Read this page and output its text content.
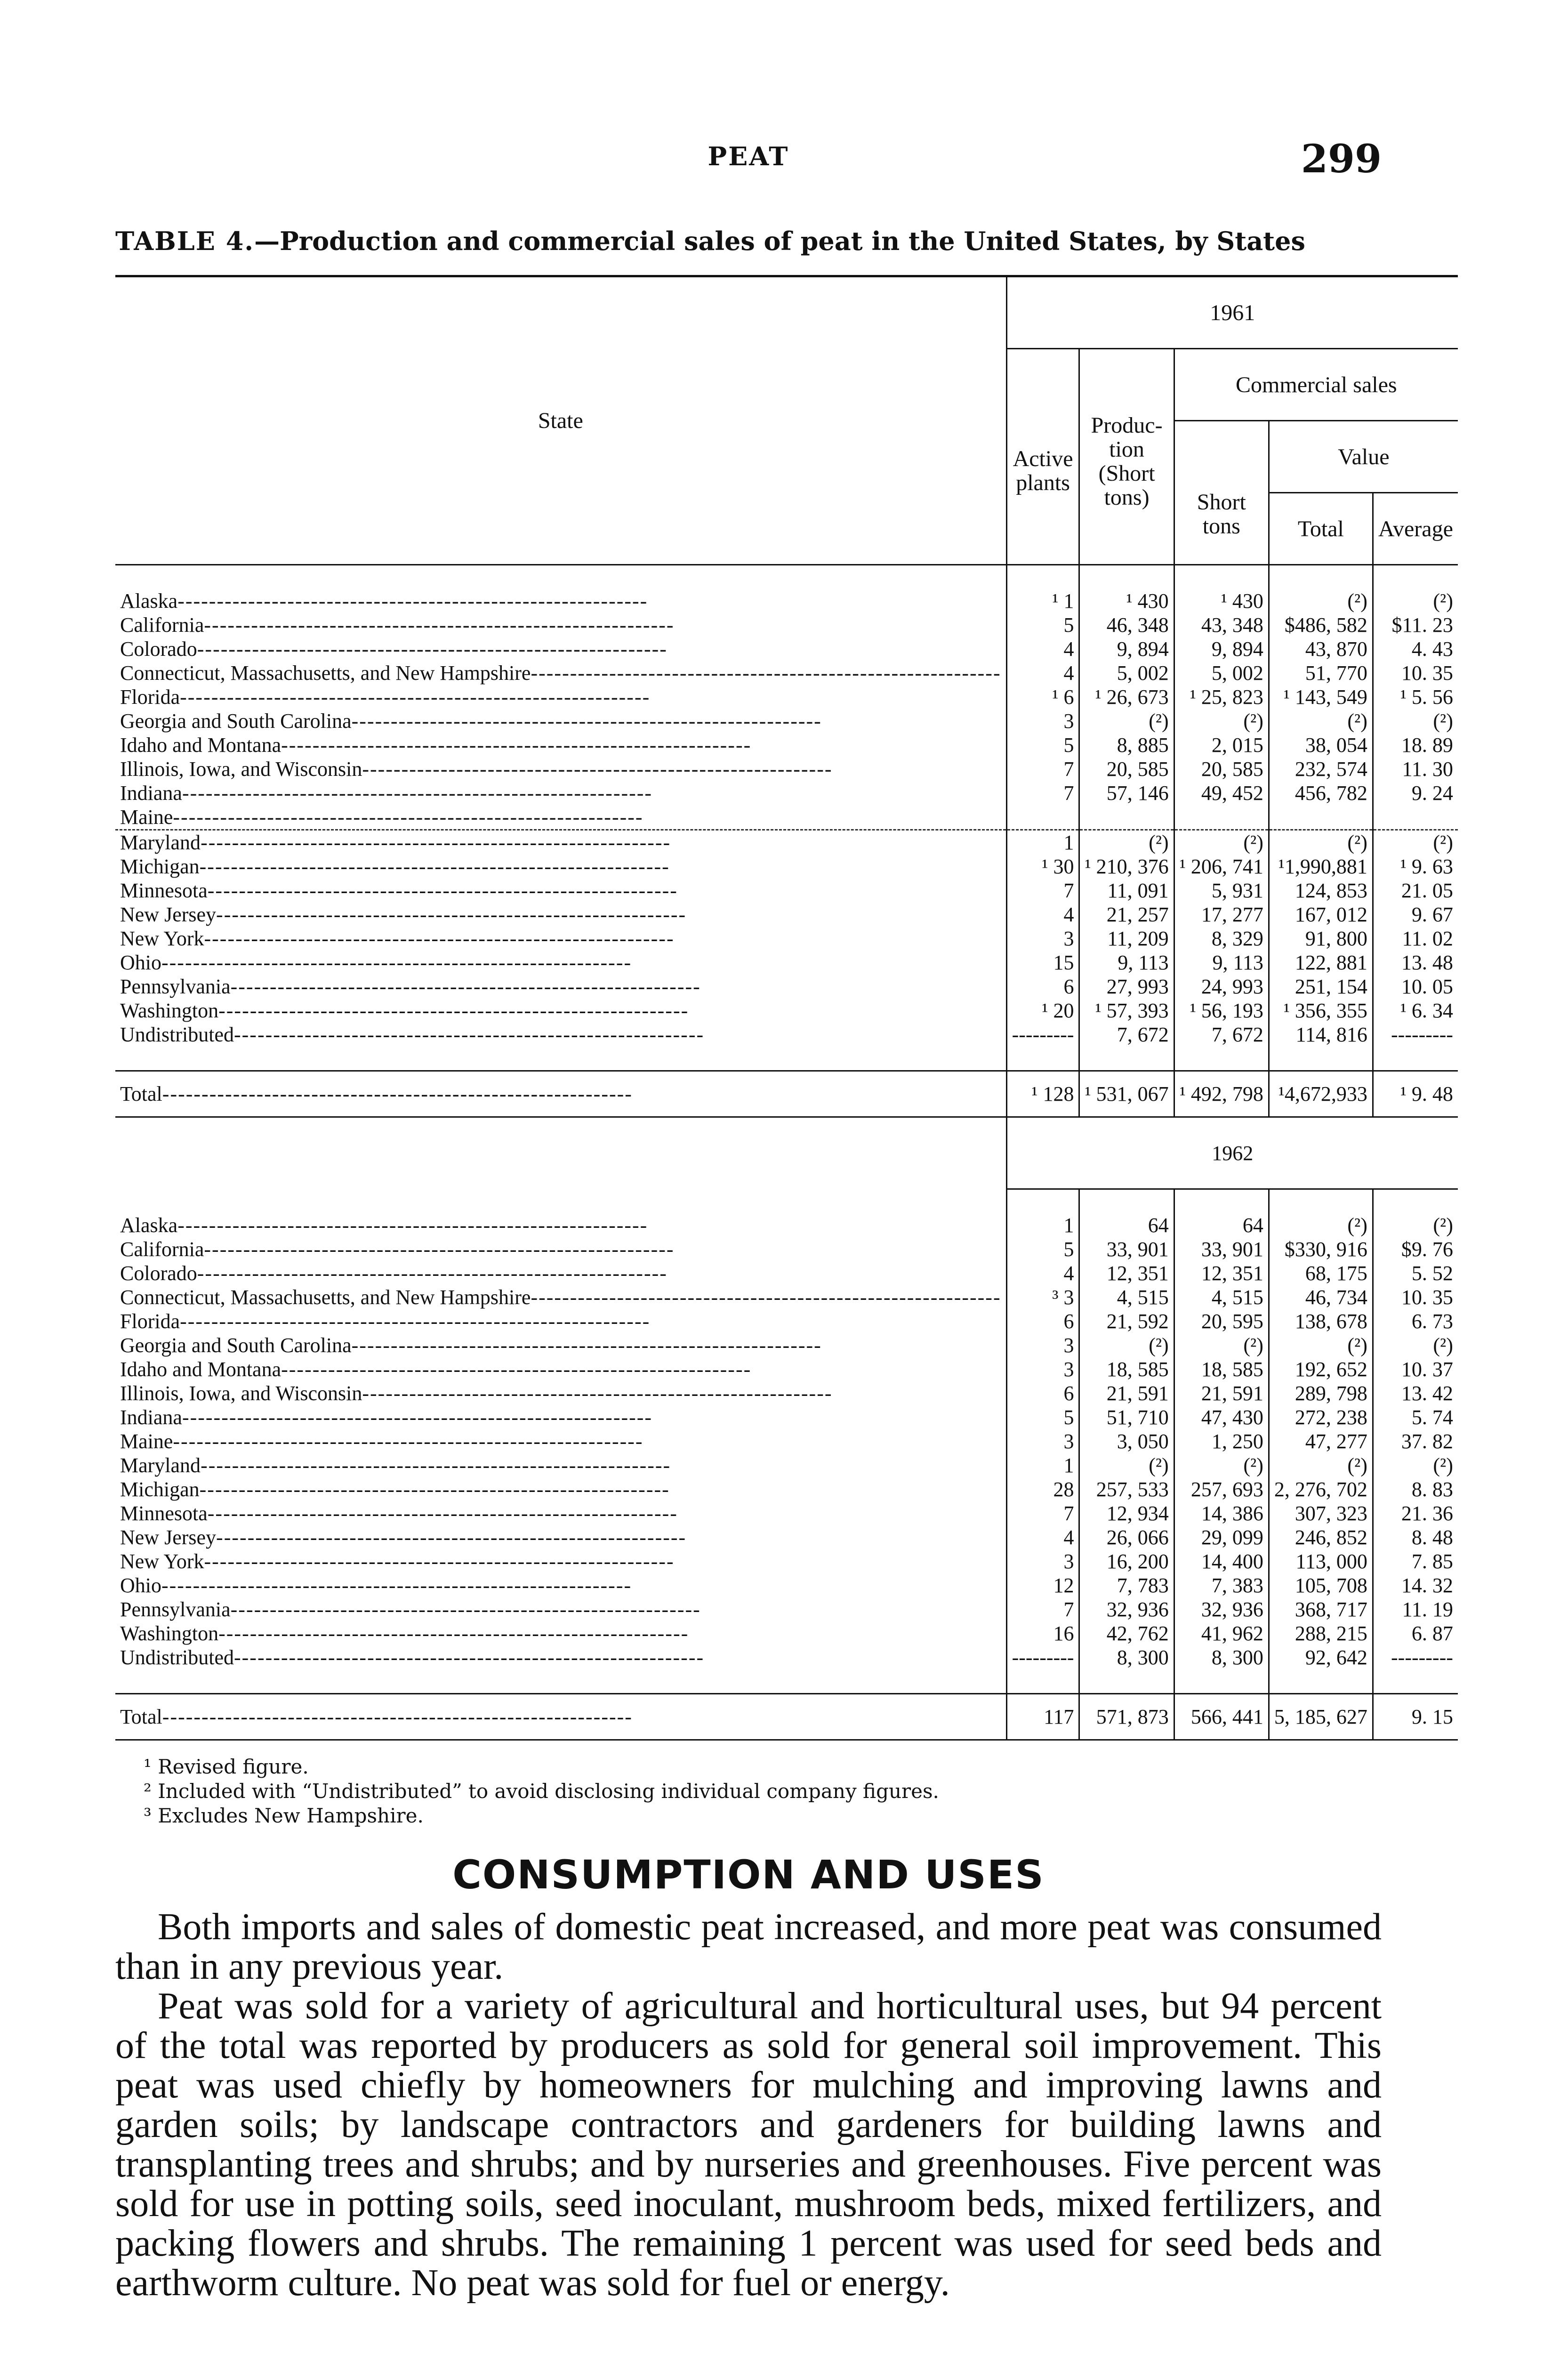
PEAT	299
TABLE 4.—Production and commercial sales of peat in the United States, by States
State	1961				
	Active plants	Produc- tion (Short tons)	Commercial sales		
			Short tons	Value	
				Total	Average

Alaska------------------------------------------------------------	¹ 1	¹ 430	¹ 430	(²)	(²)
California------------------------------------------------------------	5	46, 348	43, 348	$486, 582	$11. 23
Colorado------------------------------------------------------------	4	9, 894	9, 894	43, 870	4. 43
Connecticut, Massachusetts, and New Hampshire------------------------------------------------------------	4	5, 002	5, 002	51, 770	10. 35
Florida------------------------------------------------------------	¹ 6	¹ 26, 673	¹ 25, 823	¹ 143, 549	¹ 5. 56
Georgia and South Carolina------------------------------------------------------------	3	(²)	(²)	(²)	(²)
Idaho and Montana------------------------------------------------------------	5	8, 885	2, 015	38, 054	18. 89
Illinois, Iowa, and Wisconsin------------------------------------------------------------	7	20, 585	20, 585	232, 574	11. 30
Indiana------------------------------------------------------------	7	57, 146	49, 452	456, 782	9. 24
Maine------------------------------------------------------------					
Maryland------------------------------------------------------------	1	(²)	(²)	(²)	(²)
Michigan------------------------------------------------------------	¹ 30	¹ 210, 376	¹ 206, 741	¹1,990,881	¹ 9. 63
Minnesota------------------------------------------------------------	7	11, 091	5, 931	124, 853	21. 05
New Jersey------------------------------------------------------------	4	21, 257	17, 277	167, 012	9. 67
New York------------------------------------------------------------	3	11, 209	8, 329	91, 800	11. 02
Ohio------------------------------------------------------------	15	9, 113	9, 113	122, 881	13. 48
Pennsylvania------------------------------------------------------------	6	27, 993	24, 993	251, 154	10. 05
Washington------------------------------------------------------------	¹ 20	¹ 57, 393	¹ 56, 193	¹ 356, 355	¹ 6. 34
Undistributed------------------------------------------------------------	---------	7, 672	7, 672	114, 816	---------

Total------------------------------------------------------------	¹ 128	¹ 531, 067	¹ 492, 798	¹4,672,933	¹ 9. 48
	1962				

Alaska------------------------------------------------------------	1	64	64	(²)	(²)
California------------------------------------------------------------	5	33, 901	33, 901	$330, 916	$9. 76
Colorado------------------------------------------------------------	4	12, 351	12, 351	68, 175	5. 52
Connecticut, Massachusetts, and New Hampshire------------------------------------------------------------	³ 3	4, 515	4, 515	46, 734	10. 35
Florida------------------------------------------------------------	6	21, 592	20, 595	138, 678	6. 73
Georgia and South Carolina------------------------------------------------------------	3	(²)	(²)	(²)	(²)
Idaho and Montana------------------------------------------------------------	3	18, 585	18, 585	192, 652	10. 37
Illinois, Iowa, and Wisconsin------------------------------------------------------------	6	21, 591	21, 591	289, 798	13. 42
Indiana------------------------------------------------------------	5	51, 710	47, 430	272, 238	5. 74
Maine------------------------------------------------------------	3	3, 050	1, 250	47, 277	37. 82
Maryland------------------------------------------------------------	1	(²)	(²)	(²)	(²)
Michigan------------------------------------------------------------	28	257, 533	257, 693	2, 276, 702	8. 83
Minnesota------------------------------------------------------------	7	12, 934	14, 386	307, 323	21. 36
New Jersey------------------------------------------------------------	4	26, 066	29, 099	246, 852	8. 48
New York------------------------------------------------------------	3	16, 200	14, 400	113, 000	7. 85
Ohio------------------------------------------------------------	12	7, 783	7, 383	105, 708	14. 32
Pennsylvania------------------------------------------------------------	7	32, 936	32, 936	368, 717	11. 19
Washington------------------------------------------------------------	16	42, 762	41, 962	288, 215	6. 87
Undistributed------------------------------------------------------------	---------	8, 300	8, 300	92, 642	---------

Total------------------------------------------------------------	117	571, 873	566, 441	5, 185, 627	9. 15
¹ Revised figure.
² Included with “Undistributed” to avoid disclosing individual company figures.
³ Excludes New Hampshire.
CONSUMPTION AND USES

Both imports and sales of domestic peat increased, and more peat was consumed than in any previous year.

Peat was sold for a variety of agricultural and horticultural uses, but 94 percent of the total was reported by producers as sold for general soil improvement. This peat was used chiefly by homeowners for mulching and improving lawns and garden soils; by landscape contractors and gardeners for building lawns and transplanting trees and shrubs; and by nurseries and greenhouses. Five percent was sold for use in potting soils, seed inoculant, mushroom beds, mixed fertilizers, and packing flowers and shrubs. The remaining 1 percent was used for seed beds and earthworm culture. No peat was sold for fuel or energy.
